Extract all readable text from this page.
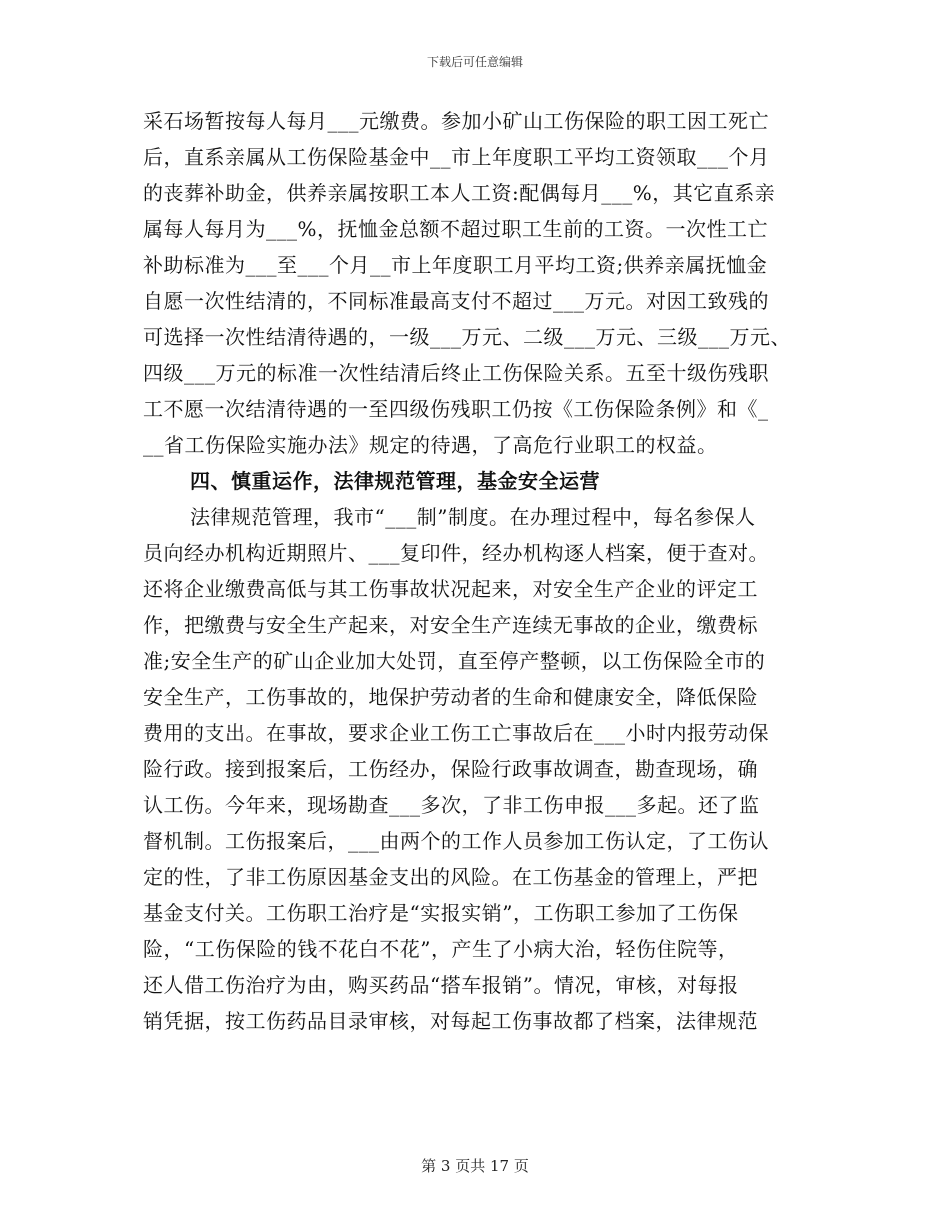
下载后可任意编辑
采石场暂按每人每月___元缴费。参加小矿山工伤保险的职工因工死亡
后，直系亲属从工伤保险基金中__市上年度职工平均工资领取___个月
的丧葬补助金，供养亲属按职工本人工资:配偶每月___%，其它直系亲
属每人每月为___%，抚恤金总额不超过职工生前的工资。一次性工亡
补助标准为___至___个月__市上年度职工月平均工资;供养亲属抚恤金
自愿一次性结清的，不同标准最高支付不超过___万元。对因工致残的
可选择一次性结清待遇的，一级___万元、二级___万元、三级___万元、
四级___万元的标准一次性结清后终止工伤保险关系。五至十级伤残职
工不愿一次结清待遇的一至四级伤残职工仍按《工伤保险条例》和《_
__省工伤保险实施办法》规定的待遇，了高危行业职工的权益。
四、慎重运作，法律规范管理，基金安全运营
法律规范管理，我市“___制”制度。在办理过程中，每名参保人
员向经办机构近期照片、___复印件，经办机构逐人档案，便于查对。
还将企业缴费高低与其工伤事故状况起来，对安全生产企业的评定工
作，把缴费与安全生产起来，对安全生产连续无事故的企业，缴费标
准;安全生产的矿山企业加大处罚，直至停产整顿，以工伤保险全市的
安全生产，工伤事故的，地保护劳动者的生命和健康安全，降低保险
费用的支出。在事故，要求企业工伤工亡事故后在___小时内报劳动保
险行政。接到报案后，工伤经办，保险行政事故调查，勘查现场，确
认工伤。今年来，现场勘查___多次，了非工伤申报___多起。还了监
督机制。工伤报案后，___由两个的工作人员参加工伤认定，了工伤认
定的性，了非工伤原因基金支出的风险。在工伤基金的管理上，严把
基金支付关。工伤职工治疗是“实报实销”，工伤职工参加了工伤保
险，“工伤保险的钱不花白不花”，产生了小病大治，轻伤住院等，
还人借工伤治疗为由，购买药品“搭车报销”。情况，审核，对每报
销凭据，按工伤药品目录审核，对每起工伤事故都了档案，法律规范
第 3 页共 17 页
